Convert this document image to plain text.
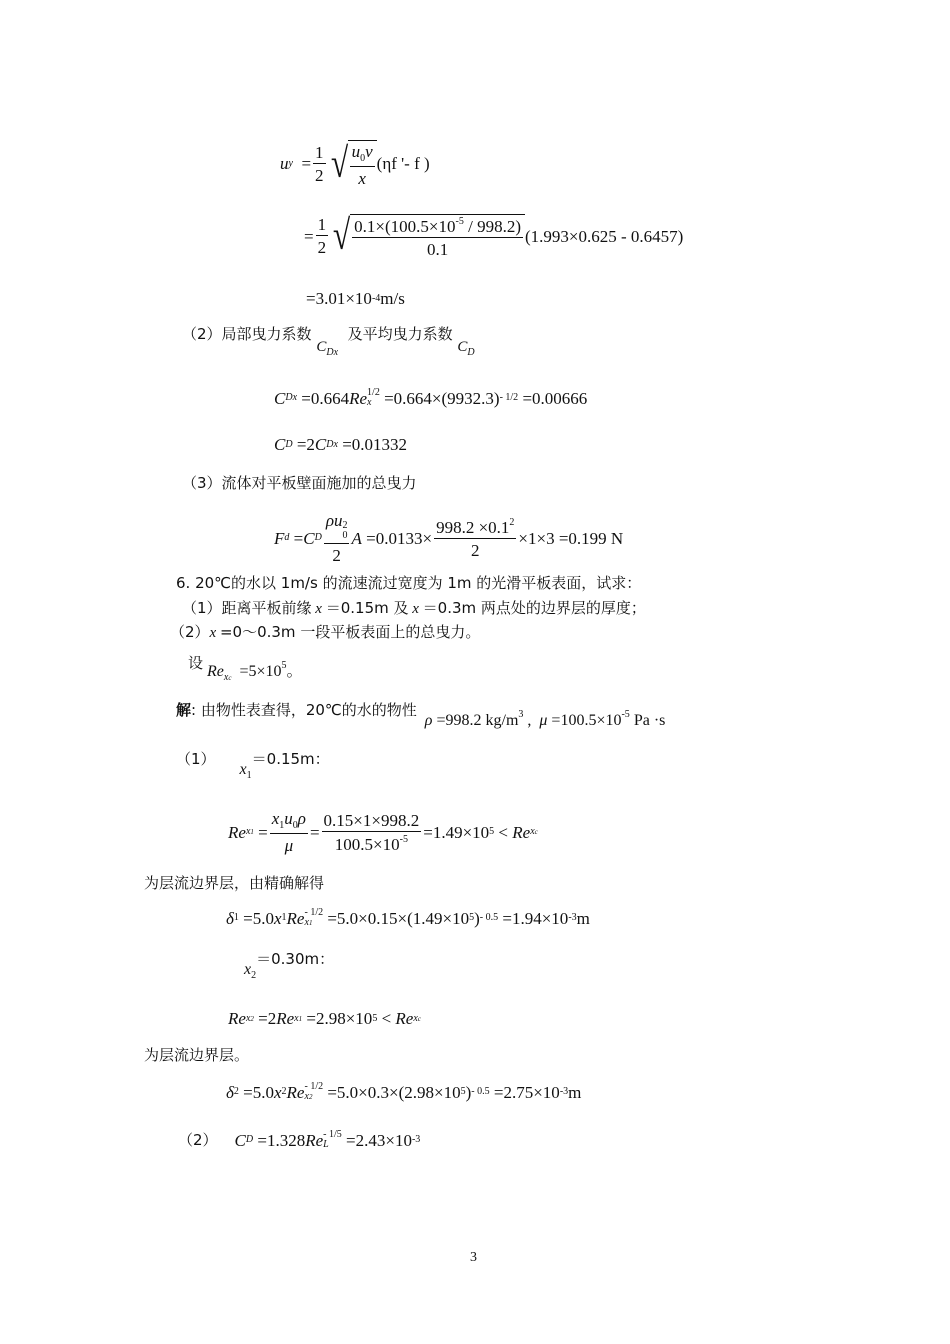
u $y = \frac{1}{2}$ √ $\frac{u_0\nu}{x} (\eta f$ '- f )
= $\frac{1}{2}$ √ $\frac{0.1\times(100.5\times 10^{-5} / 998.2)}{0.1} (1.993\times 0.625 - 0.6457)$
=3.01×10 -4 m/s
（2）局部曳力系数 $C_{Dx}$  及平均曳力系数 $C_D$
C Dx
=0.664 Re 1/2
x
=0.664×(9932.3) - 1/2
=0.00666
C D
=2 C Dx
=0.01332
（3）流体对平板壁面施加的总曳力
F d = C D ρu 2
0
2 A
$=0.0133\times \frac{998.2 \times 0.1^2}{2} \times 1\times 3 =0.199$ N
6. 20℃的水以 1m/s 的流速流过宽度为 1m 的光滑平板表面，试求：
（1）距离平板前缘 x ＝0.15m 及 x ＝0.3m 两点处的边界层的厚度；
（2）x =0～0.3m 一段平板表面上的总曳力。
设 $Re_{xc} =5\times 10^5$。
解: 由物性表查得，20℃的水的物性  ρ =998.2 $kg/m^3$ ,  $\mu =100.5\times 10^{-5}$ Pa ·s
（1）      $x_1=0.15m$：
Re $x1 = \frac{x_1u_0\rho}{\mu} = \frac{0.15\times 1\times 998.2}{100.5\times 10^{-5}} =1.49\times 10$ 5 < Re xc
为层流边界层，由精确解得
δ 1
=5.0 x 1 Re - 1/2
x1
=5.0×0.15×(1.49×10 5 ) - 0.5
=1.94×10 -3 m
$x_2=0.30m$：
Re x2
=2 Re x1
=2.98×10 5 < Re xc
为层流边界层。
δ 2
=5.0 x 2 Re - 1/2
x2
=5.0×0.3×(2.98×10 5 ) - 0.5
=2.75×10 -3 m
（2）
C D
=1.328 Re - 1/5
L
	=2.43×10 -3
3
